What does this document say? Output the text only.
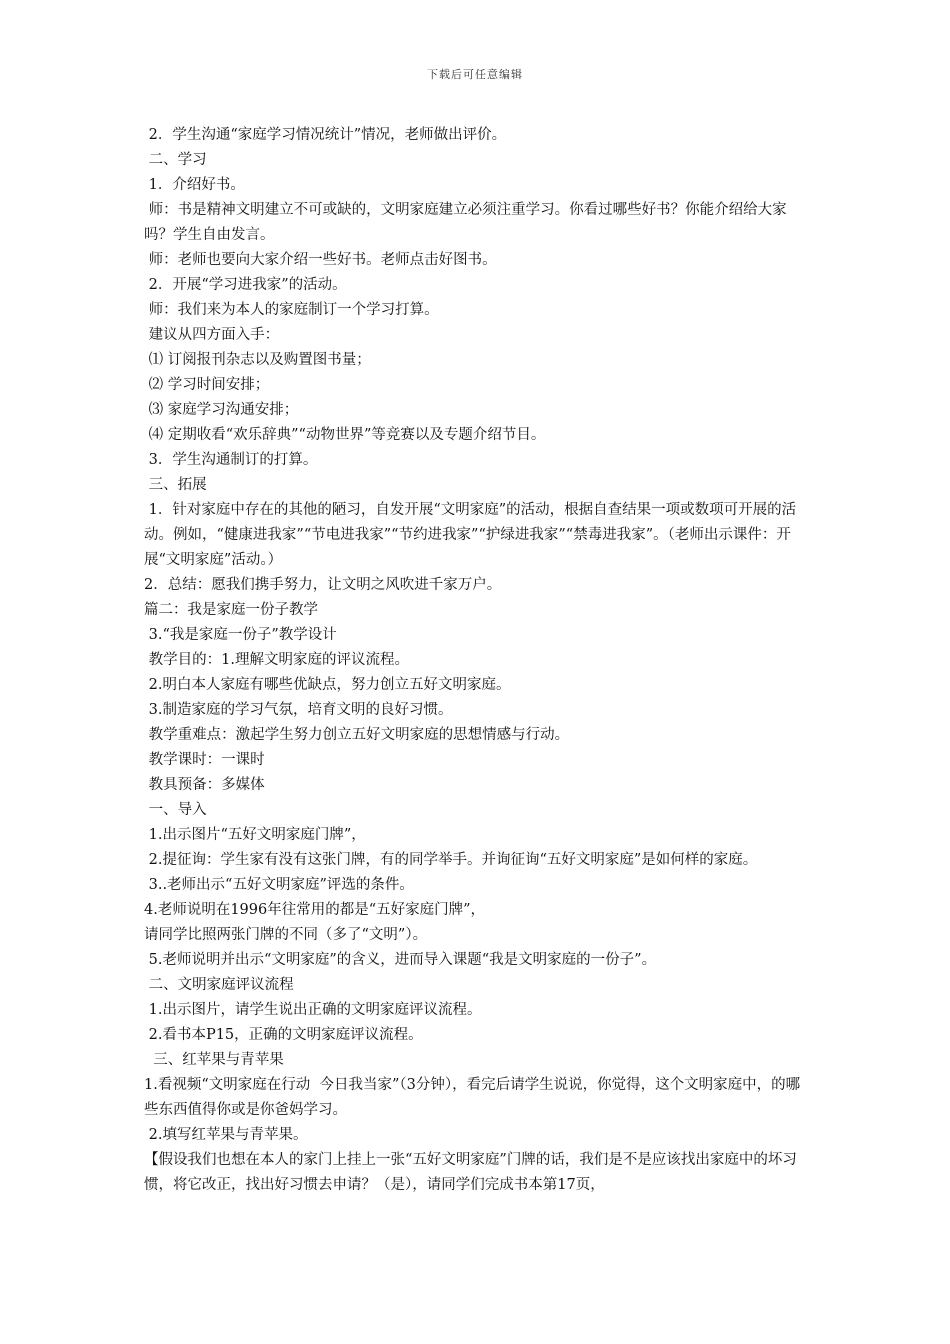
下载后可任意编辑

2．学生沟通“家庭学习情况统计”情况，老师做出评价。

二、学习

1．介绍好书。

师：书是精神文明建立不可或缺的，文明家庭建立必须注重学习。你看过哪些好书？你能介绍给大家吗？学生自由发言。

师：老师也要向大家介绍一些好书。老师点击好图书。

2．开展“学习进我家”的活动。

师：我们来为本人的家庭制订一个学习打算。

建议从四方面入手：

⑴ 订阅报刊杂志以及购置图书量；

⑵ 学习时间安排；

⑶ 家庭学习沟通安排；

⑷ 定期收看“欢乐辞典”“动物世界”等竞赛以及专题介绍节目。

3．学生沟通制订的打算。

三、拓展

1．针对家庭中存在的其他的陋习，自发开展“文明家庭”的活动，根据自查结果一项或数项可开展的活动。例如，“健康进我家”“节电进我家”“节约进我家”“护绿进我家”“禁毒进我家”。（老师出示课件：开展“文明家庭”活动。）

2．总结：愿我们携手努力，让文明之风吹进千家万户。

篇二：我是家庭一份子教学

3.“我是家庭一份子”教学设计

教学目的：1.理解文明家庭的评议流程。

2.明白本人家庭有哪些优缺点，努力创立五好文明家庭。

3.制造家庭的学习气氛，培育文明的良好习惯。

教学重难点：激起学生努力创立五好文明家庭的思想情感与行动。

教学课时：一课时

教具预备：多媒体

一、导入

1.出示图片“五好文明家庭门牌”，

2.提征询：学生家有没有这张门牌，有的同学举手。并询征询“五好文明家庭”是如何样的家庭。

3..老师出示“五好文明家庭”评选的条件。

4.老师说明在1996年往常用的都是“五好家庭门牌”，

请同学比照两张门牌的不同（多了“文明”）。

5.老师说明并出示“文明家庭”的含义，进而导入课题“我是文明家庭的一份子”。

二、文明家庭评议流程

1.出示图片，请学生说出正确的文明家庭评议流程。

2.看书本P15，正确的文明家庭评议流程。

三、红苹果与青苹果

1.看视频“文明家庭在行动  今日我当家”（3分钟），看完后请学生说说，你觉得，这个文明家庭中，的哪些东西值得你或是你爸妈学习。

2.填写红苹果与青苹果。

【假设我们也想在本人的家门上挂上一张“五好文明家庭”门牌的话，我们是不是应该找出家庭中的坏习惯，将它改正，找出好习惯去申请？（是），请同学们完成书本第17页，
